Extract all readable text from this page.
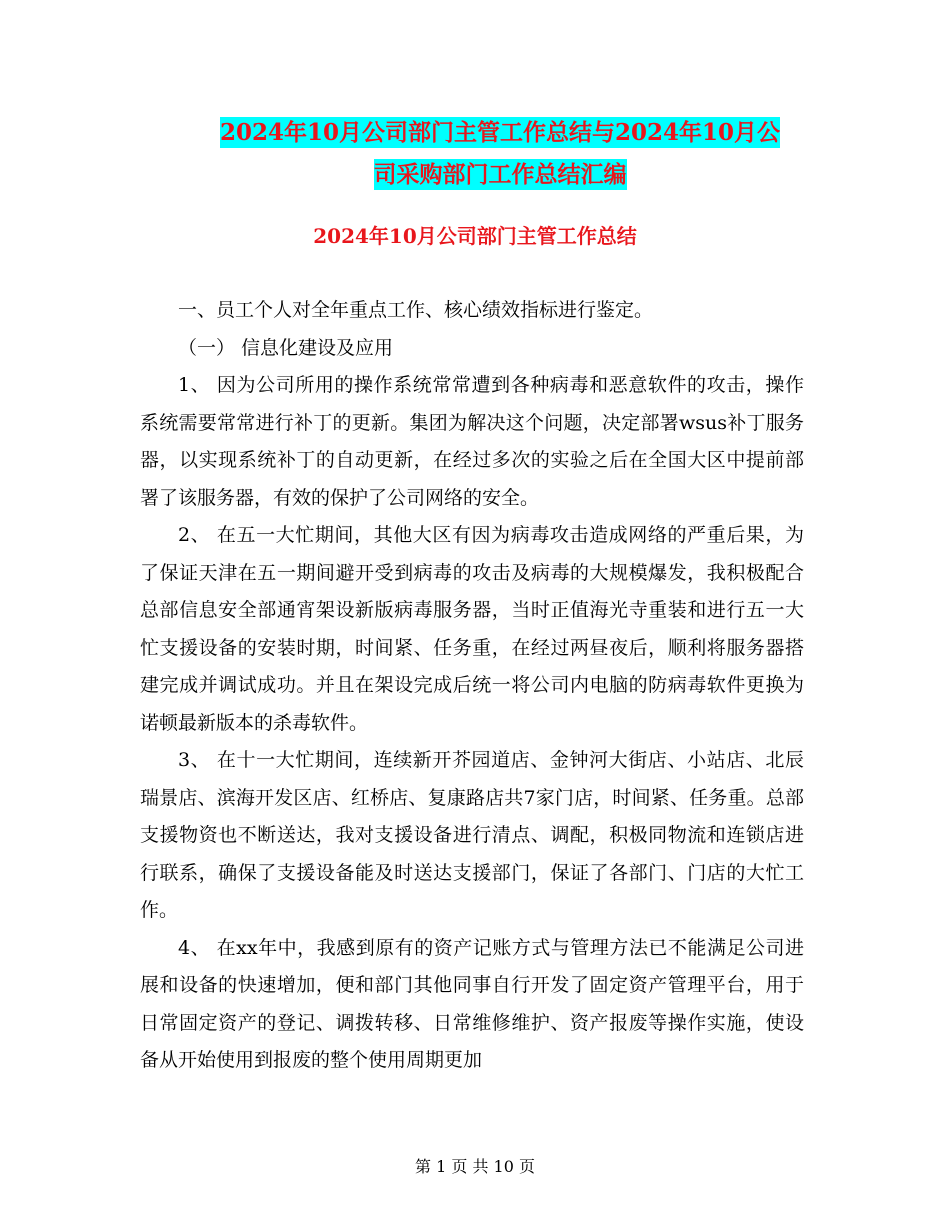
2024年10月公司部门主管工作总结与2024年10月公
司采购部门工作总结汇编
2024年10月公司部门主管工作总结

一、员工个人对全年重点工作、核心绩效指标进行鉴定。

（一） 信息化建设及应用

1、 因为公司所用的操作系统常常遭到各种病毒和恶意软件的攻击，操作系统需要常常进行补丁的更新。集团为解决这个问题，决定部署wsus补丁服务器，以实现系统补丁的自动更新，在经过多次的实验之后在全国大区中提前部署了该服务器，有效的保护了公司网络的安全。

2、 在五一大忙期间，其他大区有因为病毒攻击造成网络的严重后果，为了保证天津在五一期间避开受到病毒的攻击及病毒的大规模爆发，我积极配合总部信息安全部通宵架设新版病毒服务器，当时正值海光寺重装和进行五一大忙支援设备的安装时期，时间紧、任务重，在经过两昼夜后，顺利将服务器搭建完成并调试成功。并且在架设完成后统一将公司内电脑的防病毒软件更换为诺顿最新版本的杀毒软件。

3、 在十一大忙期间，连续新开芥园道店、金钟河大街店、小站店、北辰瑞景店、滨海开发区店、红桥店、复康路店共7家门店，时间紧、任务重。总部支援物资也不断送达，我对支援设备进行清点、调配，积极同物流和连锁店进行联系，确保了支援设备能及时送达支援部门，保证了各部门、门店的大忙工作。

4、 在xx年中，我感到原有的资产记账方式与管理方法已不能满足公司进展和设备的快速增加，便和部门其他同事自行开发了固定资产管理平台，用于日常固定资产的登记、调拨转移、日常维修维护、资产报废等操作实施，使设备从开始使用到报废的整个使用周期更加

第 1 页 共 10 页
